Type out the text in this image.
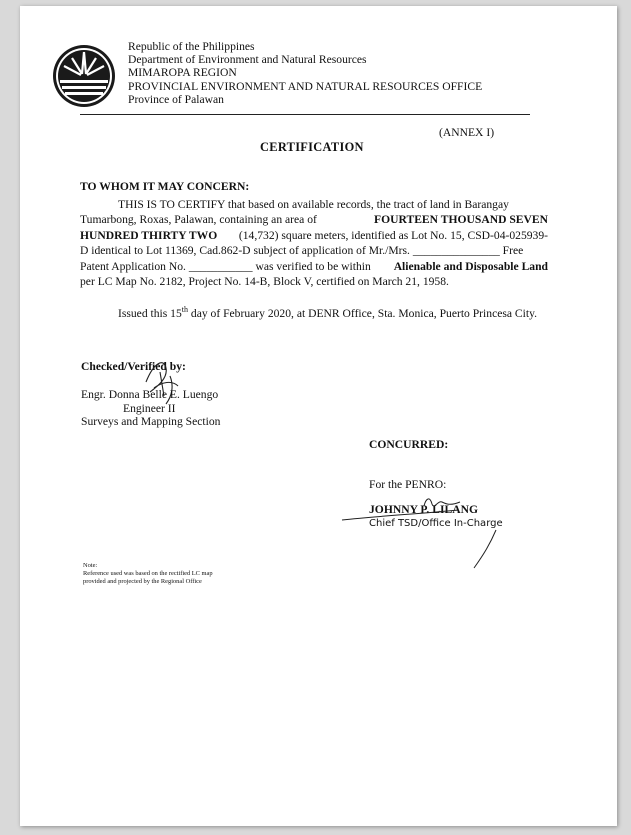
Republic of the Philippines
Department of Environment and Natural Resources
MIMAROPA REGION
PROVINCIAL ENVIRONMENT AND NATURAL RESOURCES OFFICE
Province of Palawan
(ANNEX I)
CERTIFICATION
TO WHOM IT MAY CONCERN:
THIS IS TO CERTIFY that based on available records, the tract of land in Barangay
Tumarbong, Roxas, Palawan, containing an area of	FOURTEEN THOUSAND SEVEN
HUNDRED THIRTY TWO (14,732) square meters, identified as Lot No. 15, CSD-04-025939-
D identical to Lot 11369, Cad.862-D subject of application of Mr./Mrs. _______________ Free
Patent Application No. ___________ was verified to be within Alienable and Disposable Land
per LC Map No. 2182, Project No. 14-B, Block V, certified on March 21, 1958.
Issued this 15th day of February 2020, at DENR Office, Sta. Monica, Puerto Princesa City.
Checked/Verified by:
Engr. Donna Belle E. Luengo
Engineer II
Surveys and Mapping Section
CONCURRED:
For the PENRO:
JOHNNY P. LILANG
Chief TSD/Office In-Charge
Note:
Reference used was based on the rectified LC map
provided and projected by the Regional Office
